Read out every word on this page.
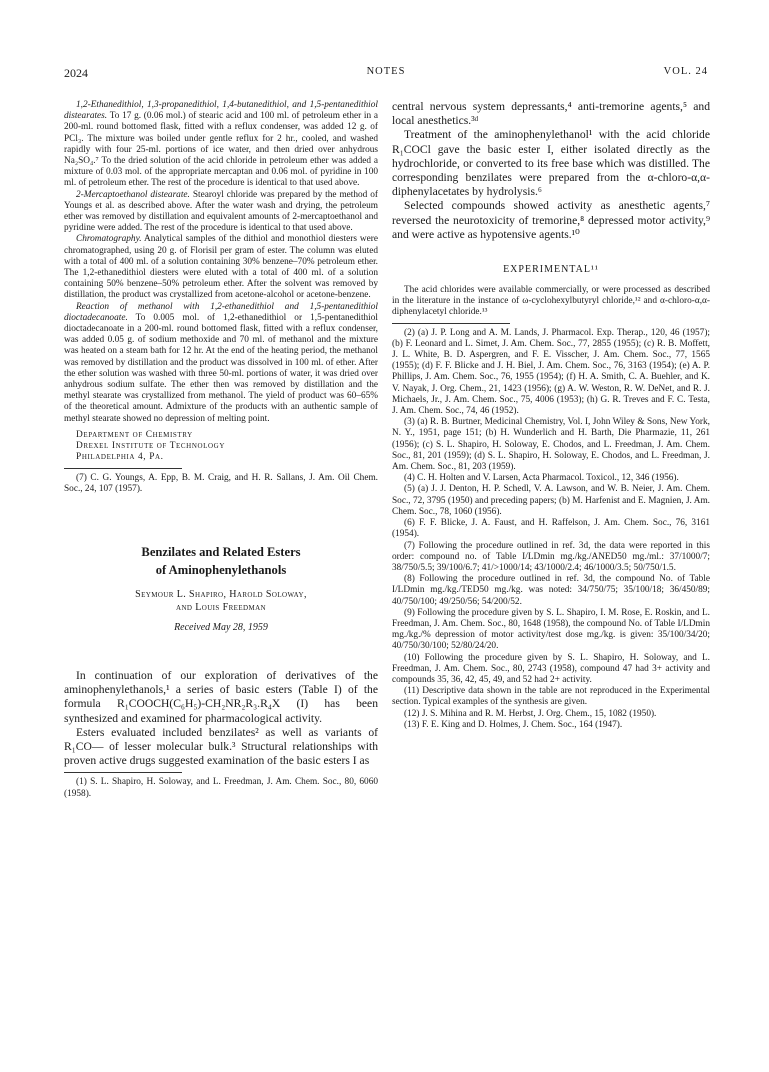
2024	NOTES	VOL. 24

1,2-Ethanedithiol, 1,3-propanedithiol, 1,4-butanedithiol, and 1,5-pentanedithiol distearates. To 17 g. (0.06 mol.) of stearic acid and 100 ml. of petroleum ether in a 200-ml. round bottomed flask, fitted with a reflux condenser, was added 12 g. of PCl₃. The mixture was boiled under gentle reflux for 2 hr., cooled, and washed rapidly with four 25-ml. portions of ice water, and then dried over anhydrous Na₂SO₄.⁷ To the dried solution of the acid chloride in petroleum ether was added a mixture of 0.03 mol. of the appropriate mercaptan and 0.06 mol. of pyridine in 100 ml. of petroleum ether. The rest of the procedure is identical to that used above.

2-Mercaptoethanol distearate. Stearoyl chloride was prepared by the method of Youngs et al. as described above. After the water wash and drying, the petroleum ether was removed by distillation and equivalent amounts of 2-mercaptoethanol and pyridine were added. The rest of the procedure is identical to that used above.

Chromatography. Analytical samples of the dithiol and monothiol diesters were chromatographed, using 20 g. of Florisil per gram of ester. The column was eluted with a total of 400 ml. of a solution containing 30% benzene–70% petroleum ether. The 1,2-ethanedithiol diesters were eluted with a total of 400 ml. of a solution containing 50% benzene–50% petroleum ether. After the solvent was removed by distillation, the product was crystallized from acetone-alcohol or acetone-benzene.

Reaction of methanol with 1,2-ethanedithiol and 1,5-pentanedithiol dioctadecanoate. To 0.005 mol. of 1,2-ethanedithiol or 1,5-pentanedithiol dioctadecanoate in a 200-ml. round bottomed flask, fitted with a reflux condenser, was added 0.05 g. of sodium methoxide and 70 ml. of methanol and the mixture was heated on a steam bath for 12 hr. At the end of the heating period, the methanol was removed by distillation and the product was dissolved in 100 ml. of ether. After the ether solution was washed with three 50-ml. portions of water, it was dried over anhydrous sodium sulfate. The ether then was removed by distillation and the methyl stearate was crystallized from methanol. The yield of product was 60–65% of the theoretical amount. Admixture of the products with an authentic sample of methyl stearate showed no depression of melting point.

Department of Chemistry
Drexel Institute of Technology
Philadelphia 4, Pa.

(7) C. G. Youngs, A. Epp, B. M. Craig, and H. R. Sallans, J. Am. Oil Chem. Soc., 24, 107 (1957).

Benzilates and Related Esters
of Aminophenylethanols
Seymour L. Shapiro, Harold Soloway,
and Louis Freedman
Received May 28, 1959

In continuation of our exploration of derivatives of the aminophenylethanols,¹ a series of basic esters (Table I) of the formula R₁COOCH(C₆H₅)-CH₂NR₂R₃.R₄X (I) has been synthesized and examined for pharmacological activity.

Esters evaluated included benzilates² as well as variants of R₁CO— of lesser molecular bulk.³ Structural relationships with proven active drugs suggested examination of the basic esters I as

(1) S. L. Shapiro, H. Soloway, and L. Freedman, J. Am. Chem. Soc., 80, 6060 (1958).

central nervous system depressants,⁴ anti-tremorine agents,⁵ and local anesthetics.³ᵈ

Treatment of the aminophenylethanol¹ with the acid chloride R₁COCl gave the basic ester I, either isolated directly as the hydrochloride, or converted to its free base which was distilled. The corresponding benzilates were prepared from the α-chloro-α,α-diphenylacetates by hydrolysis.⁶

Selected compounds showed activity as anesthetic agents,⁷ reversed the neurotoxicity of tremorine,⁸ depressed motor activity,⁹ and were active as hypotensive agents.¹⁰

EXPERIMENTAL¹¹

The acid chlorides were available commercially, or were processed as described in the literature in the instance of ω-cyclohexylbutyryl chloride,¹² and α-chloro-α,α-diphenylacetyl chloride.¹³

(2) (a) J. P. Long and A. M. Lands, J. Pharmacol. Exp. Therap., 120, 46 (1957); (b) F. Leonard and L. Simet, J. Am. Chem. Soc., 77, 2855 (1955); (c) R. B. Moffett, J. L. White, B. D. Aspergren, and F. E. Visscher, J. Am. Chem. Soc., 77, 1565 (1955); (d) F. F. Blicke and J. H. Biel, J. Am. Chem. Soc., 76, 3163 (1954); (e) A. P. Phillips, J. Am. Chem. Soc., 76, 1955 (1954); (f) H. A. Smith, C. A. Buehler, and K. V. Nayak, J. Org. Chem., 21, 1423 (1956); (g) A. W. Weston, R. W. DeNet, and R. J. Michaels, Jr., J. Am. Chem. Soc., 75, 4006 (1953); (h) G. R. Treves and F. C. Testa, J. Am. Chem. Soc., 74, 46 (1952).

(3) (a) R. B. Burtner, Medicinal Chemistry, Vol. I, John Wiley & Sons, New York, N. Y., 1951, page 151; (b) H. Wunderlich and H. Barth, Die Pharmazie, 11, 261 (1956); (c) S. L. Shapiro, H. Soloway, E. Chodos, and L. Freedman, J. Am. Chem. Soc., 81, 201 (1959); (d) S. L. Shapiro, H. Soloway, E. Chodos, and L. Freedman, J. Am. Chem. Soc., 81, 203 (1959).

(4) C. H. Holten and V. Larsen, Acta Pharmacol. Toxicol., 12, 346 (1956).

(5) (a) J. J. Denton, H. P. Schedl, V. A. Lawson, and W. B. Neier, J. Am. Chem. Soc., 72, 3795 (1950) and preceding papers; (b) M. Harfenist and E. Magnien, J. Am. Chem. Soc., 78, 1060 (1956).

(6) F. F. Blicke, J. A. Faust, and H. Raffelson, J. Am. Chem. Soc., 76, 3161 (1954).

(7) Following the procedure outlined in ref. 3d, the data were reported in this order: compound no. of Table I/LDmin mg./kg./ANED50 mg./ml.: 37/1000/7; 38/750/5.5; 39/100/6.7; 41/>1000/14; 43/1000/2.4; 46/1000/3.5; 50/750/1.5.

(8) Following the procedure outlined in ref. 3d, the compound No. of Table I/LDmin mg./kg./TED50 mg./kg. was noted: 34/750/75; 35/100/18; 36/450/89; 40/750/100; 49/250/56; 54/200/52.

(9) Following the procedure given by S. L. Shapiro, I. M. Rose, E. Roskin, and L. Freedman, J. Am. Chem. Soc., 80, 1648 (1958), the compound No. of Table I/LDmin mg./kg./% depression of motor activity/test dose mg./kg. is given: 35/100/34/20; 40/750/30/100; 52/80/24/20.

(10) Following the procedure given by S. L. Shapiro, H. Soloway, and L. Freedman, J. Am. Chem. Soc., 80, 2743 (1958), compound 47 had 3+ activity and compounds 35, 36, 42, 45, 49, and 52 had 2+ activity.

(11) Descriptive data shown in the table are not reproduced in the Experimental section. Typical examples of the synthesis are given.

(12) J. S. Mihina and R. M. Herbst, J. Org. Chem., 15, 1082 (1950).

(13) F. E. King and D. Holmes, J. Chem. Soc., 164 (1947).
